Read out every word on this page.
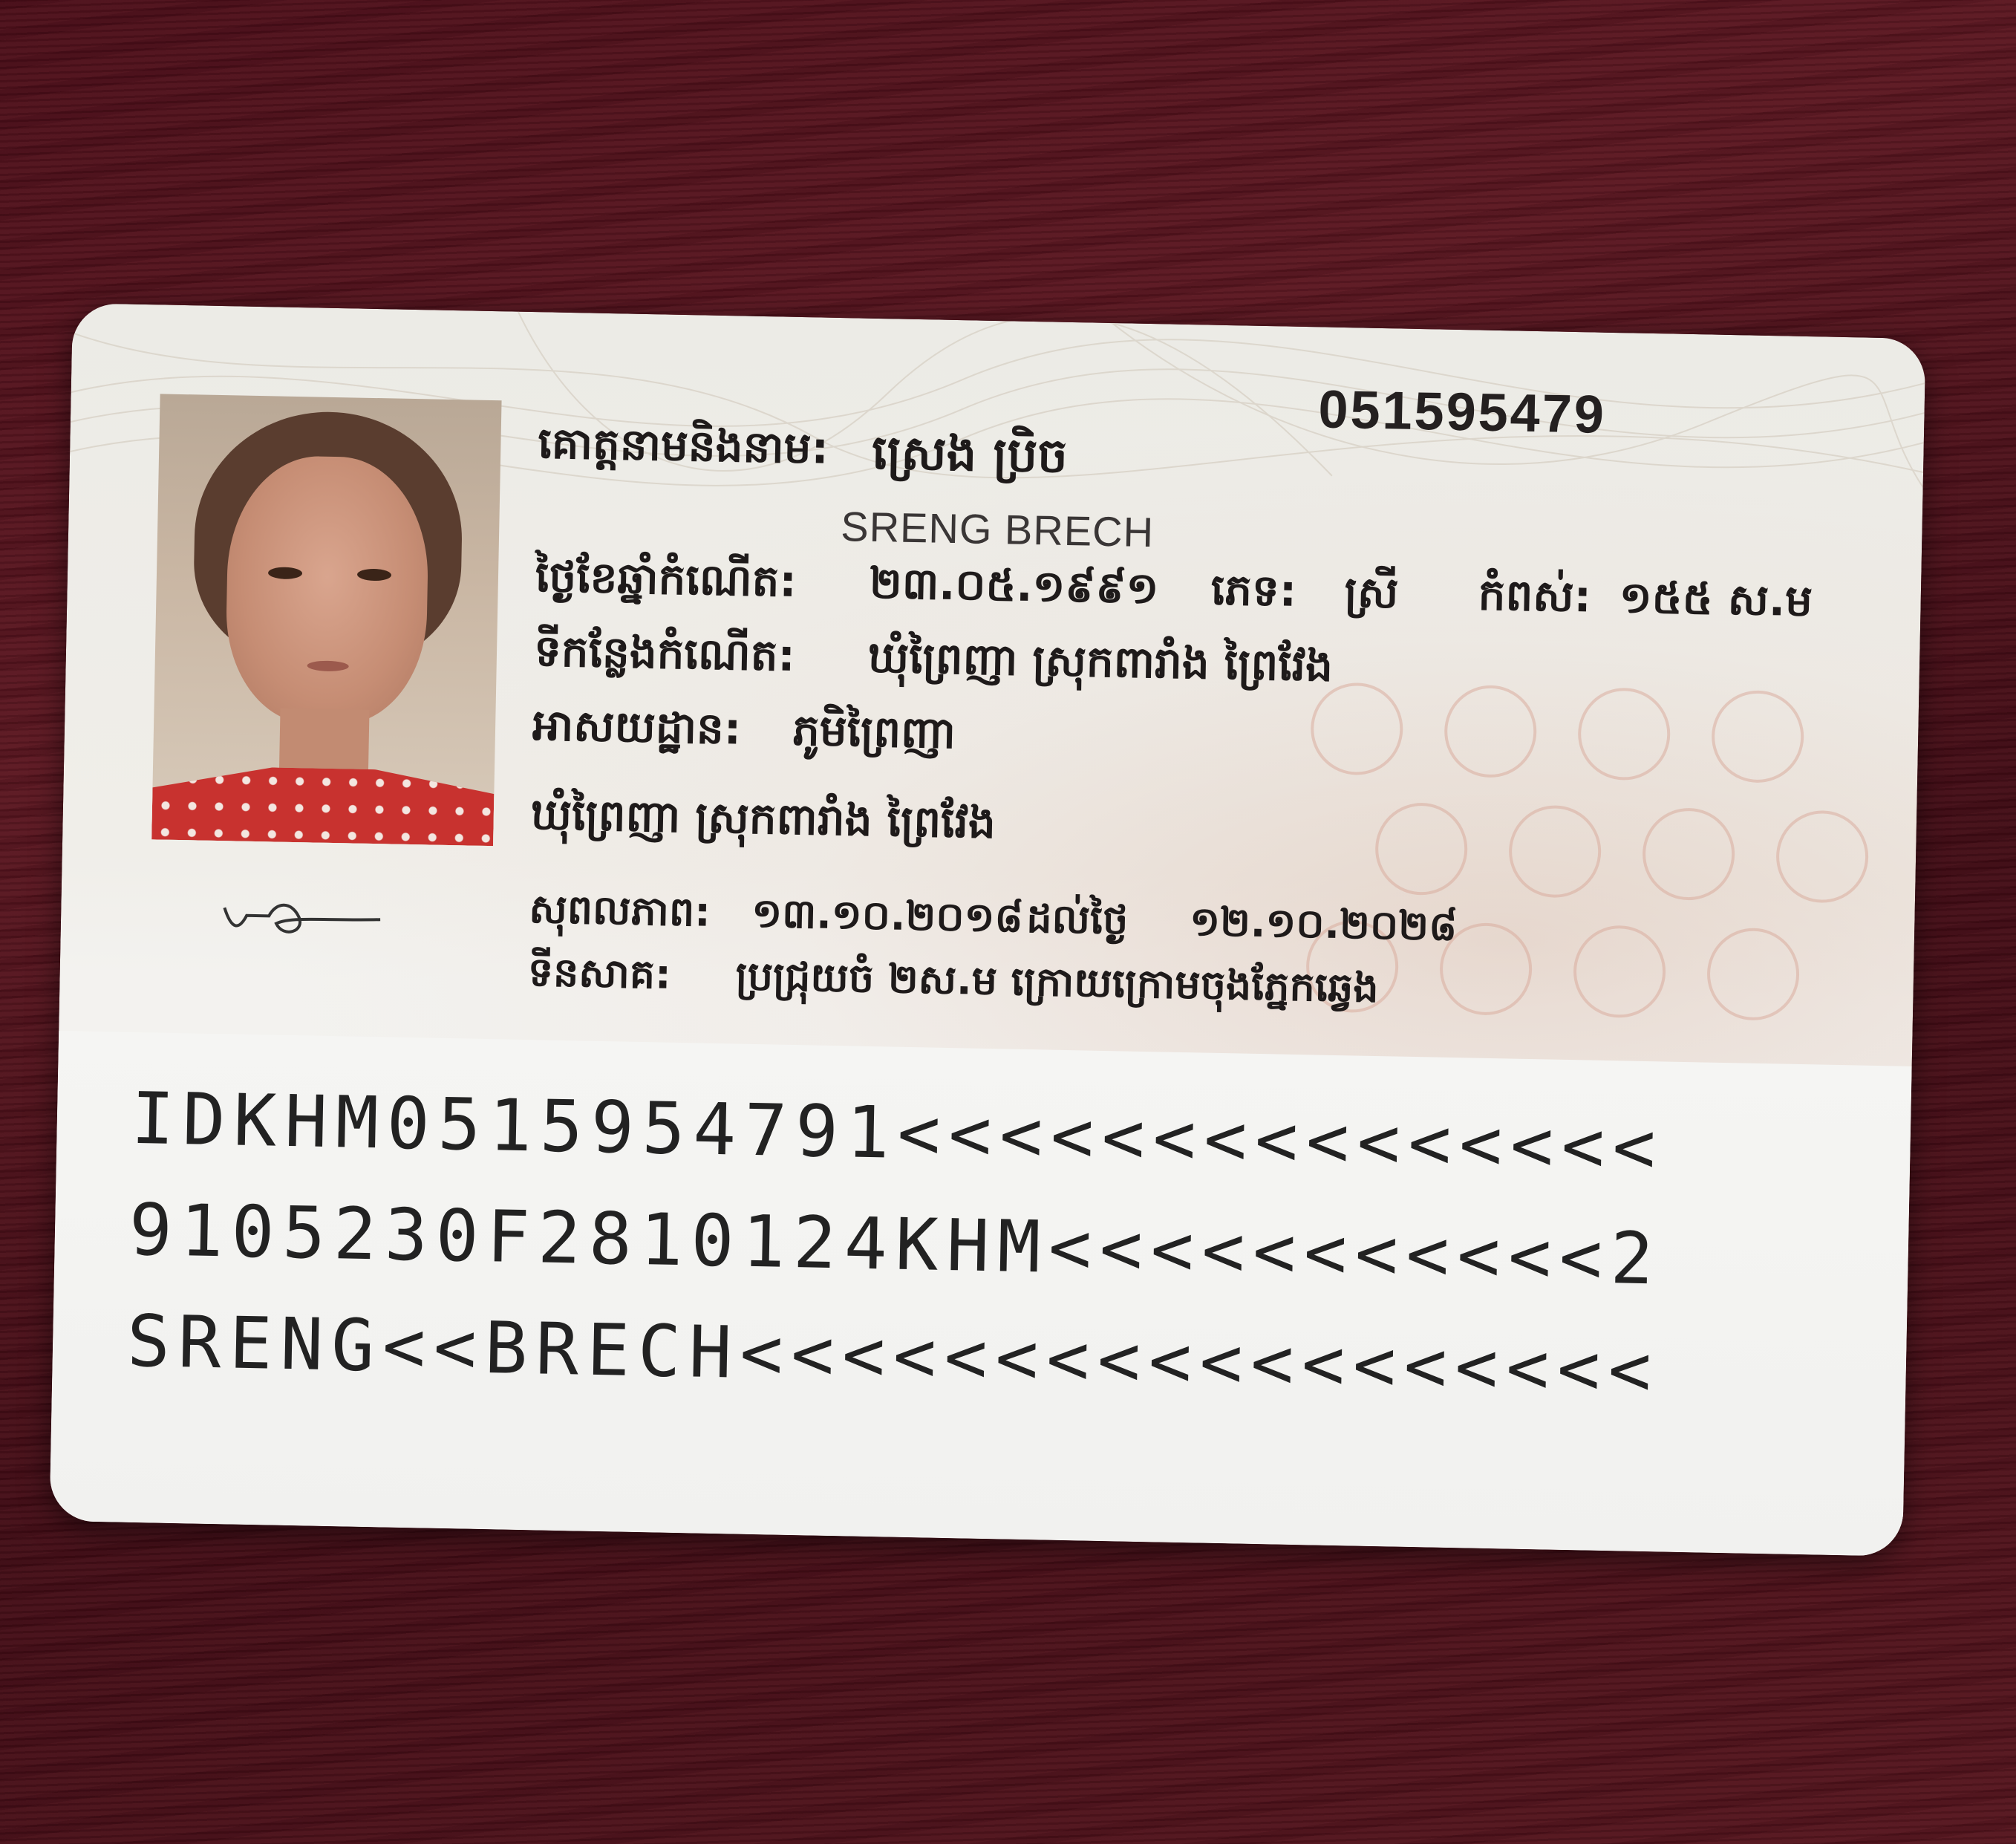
051595479
គោត្តនាមនិងនាម: ស្រេង ប្រិច
SRENG BRECH
ថ្ងៃខែឆ្នាំកំណើត: ២៣.០៥.១៩៩១ ភេទ: ស្រី កំពស់: ១៥៥ ស.ម
ទីកន្លែងកំណើត: ឃុំព្រៃញា ស្រុកពារាំង ព្រៃវែង
អាសយដ្ឋាន: ភូមិព្រៃញា
ឃុំព្រៃញា ស្រុកពារាំង ព្រៃវែង
សុពលភាព: ១៣.១០.២០១៨ ដល់ថ្ងៃ ១២.១០.២០២៨
ទីនសាគ: ប្រជ្រុយចំ ២ស.ម ក្រោយក្រោមចុងភ្នែកឆ្វេង
IDKHM0515954791<<<<<<<<<<<<<<<
9105230F2810124KHM<<<<<<<<<<<2
SRENG<<BRECH<<<<<<<<<<<<<<<<<<
